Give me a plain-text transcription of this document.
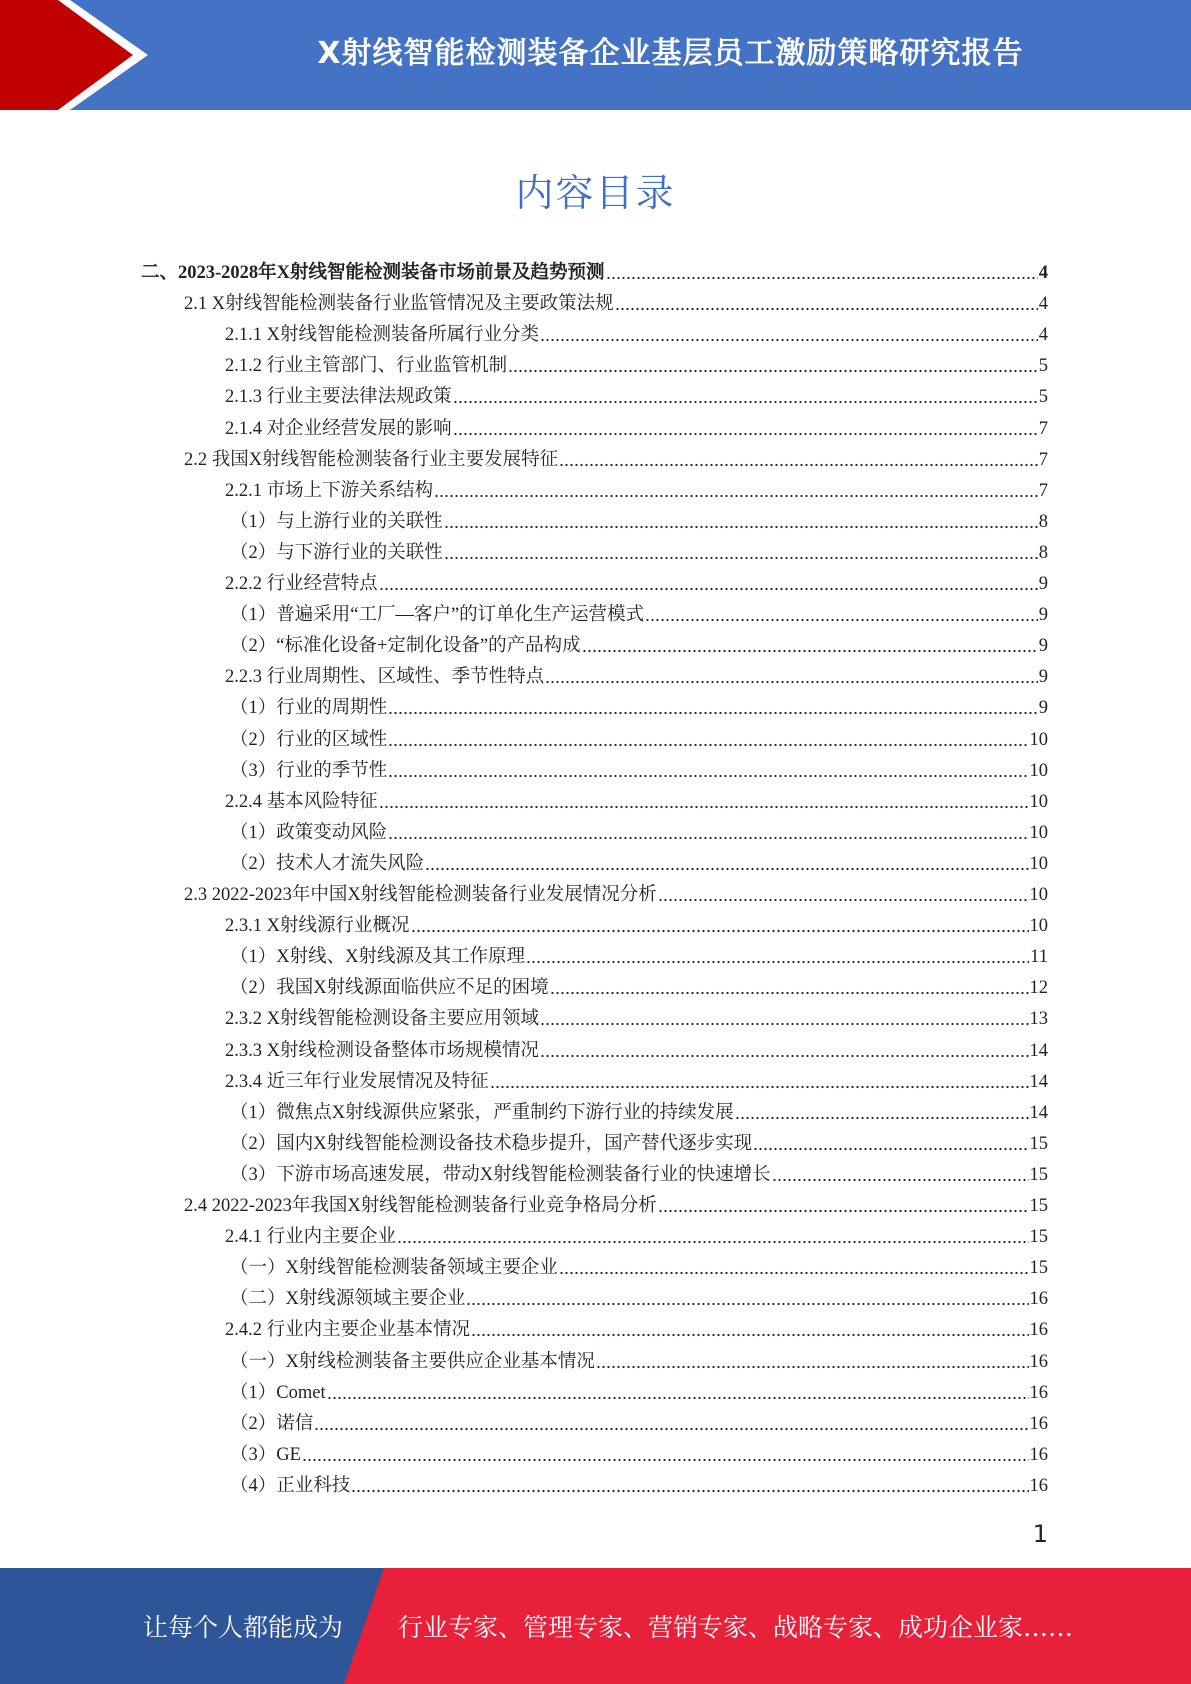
X射线智能检测装备企业基层员工激励策略研究报告
内容目录
二、2023-2028年X射线智能检测装备市场前景及趋势预测	4
2.1 X射线智能检测装备行业监管情况及主要政策法规	4
2.1.1 X射线智能检测装备所属行业分类	4
2.1.2 行业主管部门、行业监管机制	5
2.1.3 行业主要法律法规政策	5
2.1.4 对企业经营发展的影响	7
2.2 我国X射线智能检测装备行业主要发展特征	7
2.2.1 市场上下游关系结构	7
（1）与上游行业的关联性	8
（2）与下游行业的关联性	8
2.2.2 行业经营特点	9
（1）普遍采用“工厂—客户”的订单化生产运营模式	9
（2）“标准化设备+定制化设备”的产品构成	9
2.2.3 行业周期性、区域性、季节性特点	9
（1）行业的周期性	9
（2）行业的区域性	10
（3）行业的季节性	10
2.2.4 基本风险特征	10
（1）政策变动风险	10
（2）技术人才流失风险	10
2.3 2022-2023年中国X射线智能检测装备行业发展情况分析	10
2.3.1 X射线源行业概况	10
（1）X射线、X射线源及其工作原理	11
（2）我国X射线源面临供应不足的困境	12
2.3.2 X射线智能检测设备主要应用领域	13
2.3.3 X射线检测设备整体市场规模情况	14
2.3.4 近三年行业发展情况及特征	14
（1）微焦点X射线源供应紧张，严重制约下游行业的持续发展	14
（2）国内X射线智能检测设备技术稳步提升，国产替代逐步实现	15
（3）下游市场高速发展，带动X射线智能检测装备行业的快速增长	15
2.4 2022-2023年我国X射线智能检测装备行业竞争格局分析	15
2.4.1 行业内主要企业	15
（一）X射线智能检测装备领域主要企业	15
（二）X射线源领域主要企业	16
2.4.2 行业内主要企业基本情况	16
（一）X射线检测装备主要供应企业基本情况	16
（1）Comet	16
（2）诺信	16
（3）GE	16
（4）正业科技	16
1
让每个人都能成为 行业专家、管理专家、营销专家、战略专家、成功企业家……
